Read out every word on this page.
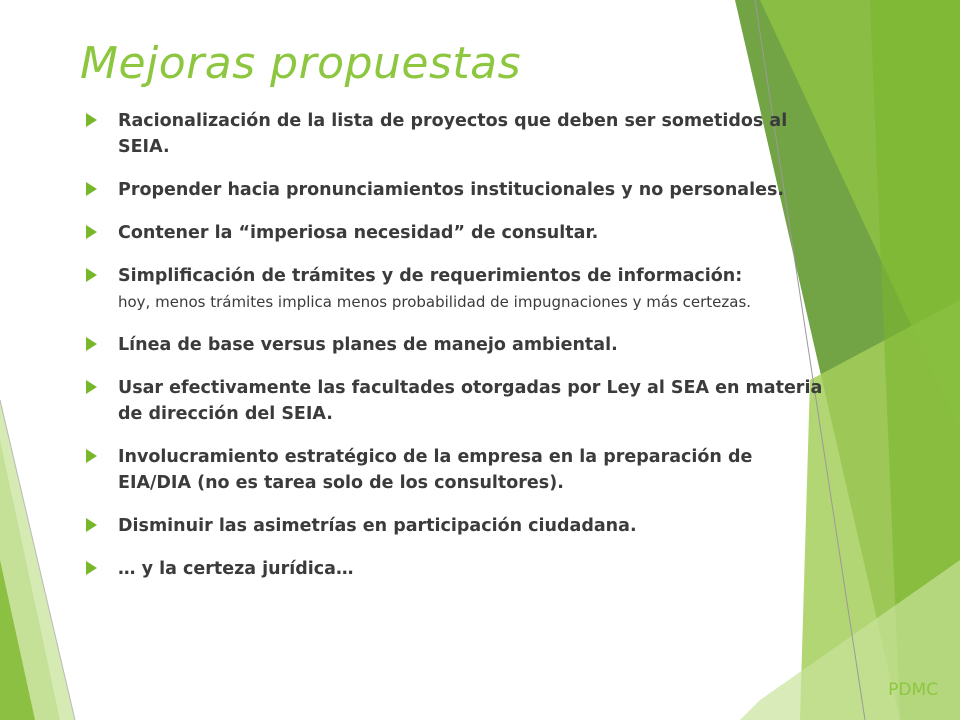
Mejoras propuestas
Racionalización de la lista de proyectos que deben ser sometidos al SEIA.
Propender hacia pronunciamientos institucionales y no personales.
Contener la “imperiosa necesidad” de consultar.
Simplificación de trámites y de requerimientos de información:
hoy, menos trámites implica menos probabilidad de impugnaciones y más certezas.
Línea de base versus planes de manejo ambiental.
Usar efectivamente las facultades otorgadas por Ley al SEA en materia de dirección del SEIA.
Involucramiento estratégico de la empresa en la preparación de EIA/DIA (no es tarea solo de los consultores).
Disminuir las asimetrías en participación ciudadana.
… y la certeza jurídica…
PDMC
